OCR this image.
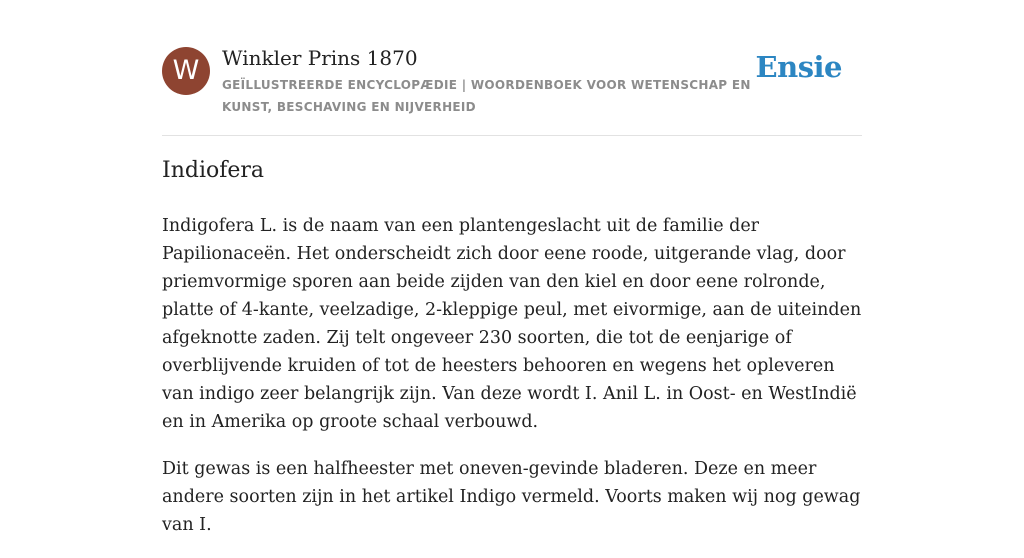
W	Winkler Prins 1870
GEÏLLUSTREERDE ENCYCLOPÆDIE | WOORDENBOEK VOOR WETENSCHAP EN KUNST, BESCHAVING EN NIJVERHEID
Ensie
Indiofera

Indigofera L. is de naam van een plantengeslacht uit de familie der Papilionaceën. Het onderscheidt zich door eene roode, uitgerande vlag, door priemvormige sporen aan beide zijden van den kiel en door eene rolronde, platte of 4-kante, veelzadige, 2-kleppige peul, met eivormige, aan de uiteinden afgeknotte zaden. Zij telt ongeveer 230 soorten, die tot de eenjarige of overblijvende kruiden of tot de heesters behooren en wegens het opleveren van indigo zeer belangrijk zijn. Van deze wordt I. Anil L. in Oost- en WestIndië en in Amerika op groote schaal verbouwd.

Dit gewas is een halfheester met oneven-gevinde bladeren. Deze en meer andere soorten zijn in het artikel Indigo vermeld. Voorts maken wij nog gewag van I.
